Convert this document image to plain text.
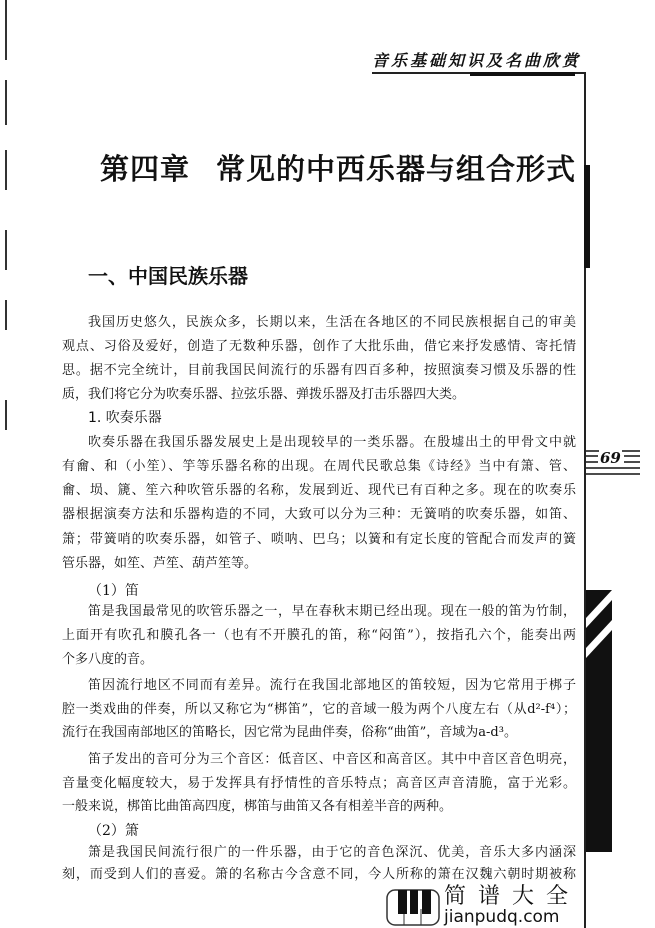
音乐基础知识及名曲欣赏
69
第四章 常见的中西乐器与组合形式
一、中国民族乐器
我国历史悠久，民族众多，长期以来，生活在各地区的不同民族根据自己的审美
观点、习俗及爱好，创造了无数种乐器，创作了大批乐曲，借它来抒发感情、寄托情
思。据不完全统计，目前我国民间流行的乐器有四百多种，按照演奏习惯及乐器的性
质，我们将它分为吹奏乐器、拉弦乐器、弹拨乐器及打击乐器四大类。
1. 吹奏乐器
吹奏乐器在我国乐器发展史上是出现较早的一类乐器。在殷墟出土的甲骨文中就
有龠、和（小笙）、竽等乐器名称的出现。在周代民歌总集《诗经》当中有箫、管、
龠、埙、篪、笙六种吹管乐器的名称，发展到近、现代已有百种之多。现在的吹奏乐
器根据演奏方法和乐器构造的不同，大致可以分为三种：无簧哨的吹奏乐器，如笛、
箫；带簧哨的吹奏乐器，如管子、唢呐、巴乌；以簧和有定长度的管配合而发声的簧
管乐器，如笙、芦笙、葫芦笙等。
（1）笛
笛是我国最常见的吹管乐器之一，早在春秋末期已经出现。现在一般的笛为竹制，
上面开有吹孔和膜孔各一（也有不开膜孔的笛，称“闷笛”），按指孔六个，能奏出两
个多八度的音。
笛因流行地区不同而有差异。流行在我国北部地区的笛较短，因为它常用于梆子
腔一类戏曲的伴奏，所以又称它为“梆笛”，它的音域一般为两个八度左右（从d²-f⁴）；
流行在我国南部地区的笛略长，因它常为昆曲伴奏，俗称“曲笛”，音域为a-d³。
笛子发出的音可分为三个音区：低音区、中音区和高音区。其中中音区音色明亮，
音量变化幅度较大，易于发挥具有抒情性的音乐特点；高音区声音清脆，富于光彩。
一般来说，梆笛比曲笛高四度，梆笛与曲笛又各有相差半音的两种。
（2）箫
箫是我国民间流行很广的一件乐器，由于它的音色深沉、优美，音乐大多内涵深
刻，而受到人们的喜爱。箫的名称古今含意不同，今人所称的箫在汉魏六朝时期被称
简谱大全
jianpudq.com
